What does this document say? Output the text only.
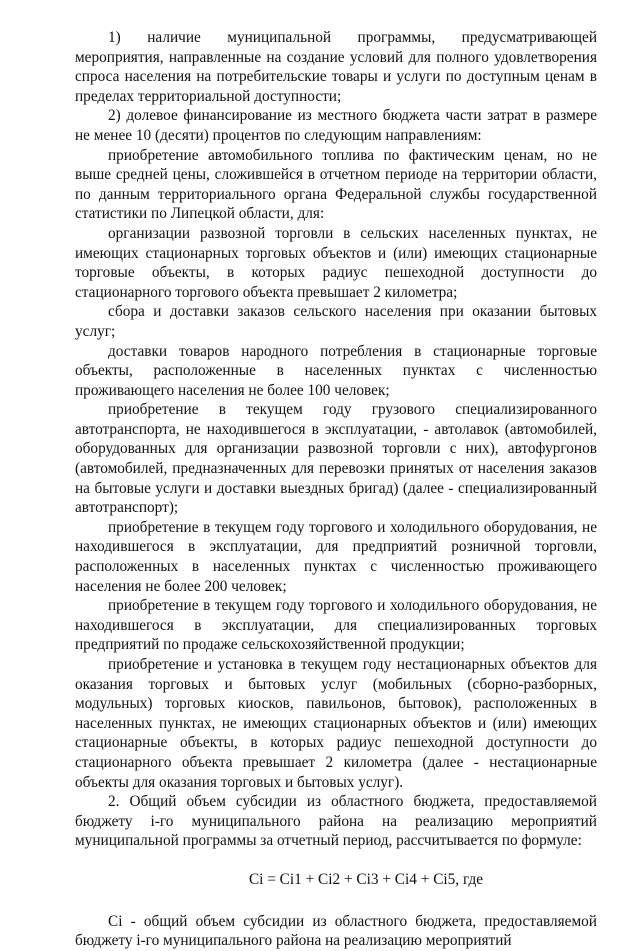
1) наличие муниципальной программы, предусматривающей мероприятия, направленные на создание условий для полного удовлетворения спроса населения на потребительские товары и услуги по доступным ценам в пределах территориальной доступности;

2) долевое финансирование из местного бюджета части затрат в размере не менее 10 (десяти) процентов по следующим направлениям:

приобретение автомобильного топлива по фактическим ценам, но не выше средней цены, сложившейся в отчетном периоде на территории области, по данным территориального органа Федеральной службы государственной статистики по Липецкой области, для:

организации развозной торговли в сельских населенных пунктах, не имеющих стационарных торговых объектов и (или) имеющих стационарные торговые объекты, в которых радиус пешеходной доступности до стационарного торгового объекта превышает 2 километра;

сбора и доставки заказов сельского населения при оказании бытовых услуг;

доставки товаров народного потребления в стационарные торговые объекты, расположенные в населенных пунктах с численностью проживающего населения не более 100 человек;

приобретение в текущем году грузового специализированного автотранспорта, не находившегося в эксплуатации, - автолавок (автомобилей, оборудованных для организации развозной торговли с них), автофургонов (автомобилей, предназначенных для перевозки принятых от населения заказов на бытовые услуги и доставки выездных бригад) (далее - специализированный автотранспорт);

приобретение в текущем году торгового и холодильного оборудования, не находившегося в эксплуатации, для предприятий розничной торговли, расположенных в населенных пунктах с численностью проживающего населения не более 200 человек;

приобретение в текущем году торгового и холодильного оборудования, не находившегося в эксплуатации, для специализированных торговых предприятий по продаже сельскохозяйственной продукции;

приобретение и установка в текущем году нестационарных объектов для оказания торговых и бытовых услуг (мобильных (сборно-разборных, модульных) торговых киосков, павильонов, бытовок), расположенных в населенных пунктах, не имеющих стационарных объектов и (или) имеющих стационарные объекты, в которых радиус пешеходной доступности до стационарного объекта превышает 2 километра (далее - нестационарные объекты для оказания торговых и бытовых услуг).

2. Общий объем субсидии из областного бюджета, предоставляемой бюджету i-го муниципального района на реализацию мероприятий муниципальной программы за отчетный период, рассчитывается по формуле:

Ci = Ci1 + Ci2 + Ci3 + Ci4 + Ci5, где

Ci - общий объем субсидии из областного бюджета, предоставляемой бюджету i-го муниципального района на реализацию мероприятий
